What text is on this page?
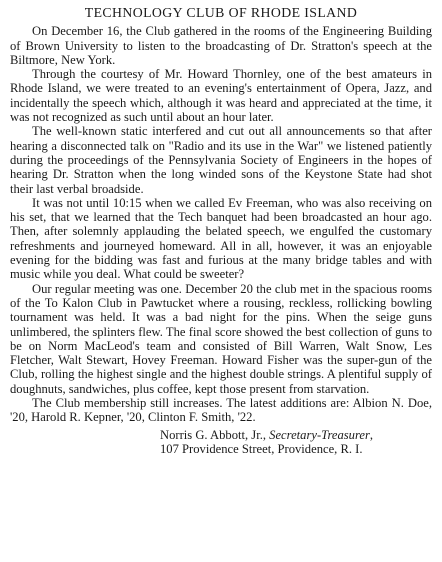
TECHNOLOGY CLUB OF RHODE ISLAND

On December 16, the Club gathered in the rooms of the Engineering Building of Brown University to listen to the broadcasting of Dr. Stratton's speech at the Biltmore, New York.

Through the courtesy of Mr. Howard Thornley, one of the best amateurs in Rhode Island, we were treated to an evening's entertainment of Opera, Jazz, and incidentally the speech which, although it was heard and appreciated at the time, it was not recognized as such until about an hour later.

The well-known static interfered and cut out all announcements so that after hearing a disconnected talk on "Radio and its use in the War" we listened patiently during the proceedings of the Pennsylvania Society of Engineers in the hopes of hearing Dr. Stratton when the long winded sons of the Keystone State had shot their last verbal broadside.

It was not until 10:15 when we called Ev Freeman, who was also receiving on his set, that we learned that the Tech banquet had been broadcasted an hour ago. Then, after solemnly applauding the belated speech, we engulfed the customary refreshments and journeyed homeward. All in all, however, it was an enjoyable evening for the bidding was fast and furious at the many bridge tables and with music while you deal. What could be sweeter?

Our regular meeting was one. December 20 the club met in the spacious rooms of the To Kalon Club in Pawtucket where a rousing, reckless, rollicking bowling tournament was held. It was a bad night for the pins. When the seige guns unlimbered, the splinters flew. The final score showed the best collection of guns to be on Norm MacLeod's team and consisted of Bill Warren, Walt Snow, Les Fletcher, Walt Stewart, Hovey Freeman. Howard Fisher was the super-gun of the Club, rolling the highest single and the highest double strings. A plentiful supply of doughnuts, sandwiches, plus coffee, kept those present from starvation.

The Club membership still increases. The latest additions are: Albion N. Doe, '20, Harold R. Kepner, '20, Clinton F. Smith, '22.

Norris G. Abbott, Jr., Secretary-Treasurer,
107 Providence Street, Providence, R. I.
